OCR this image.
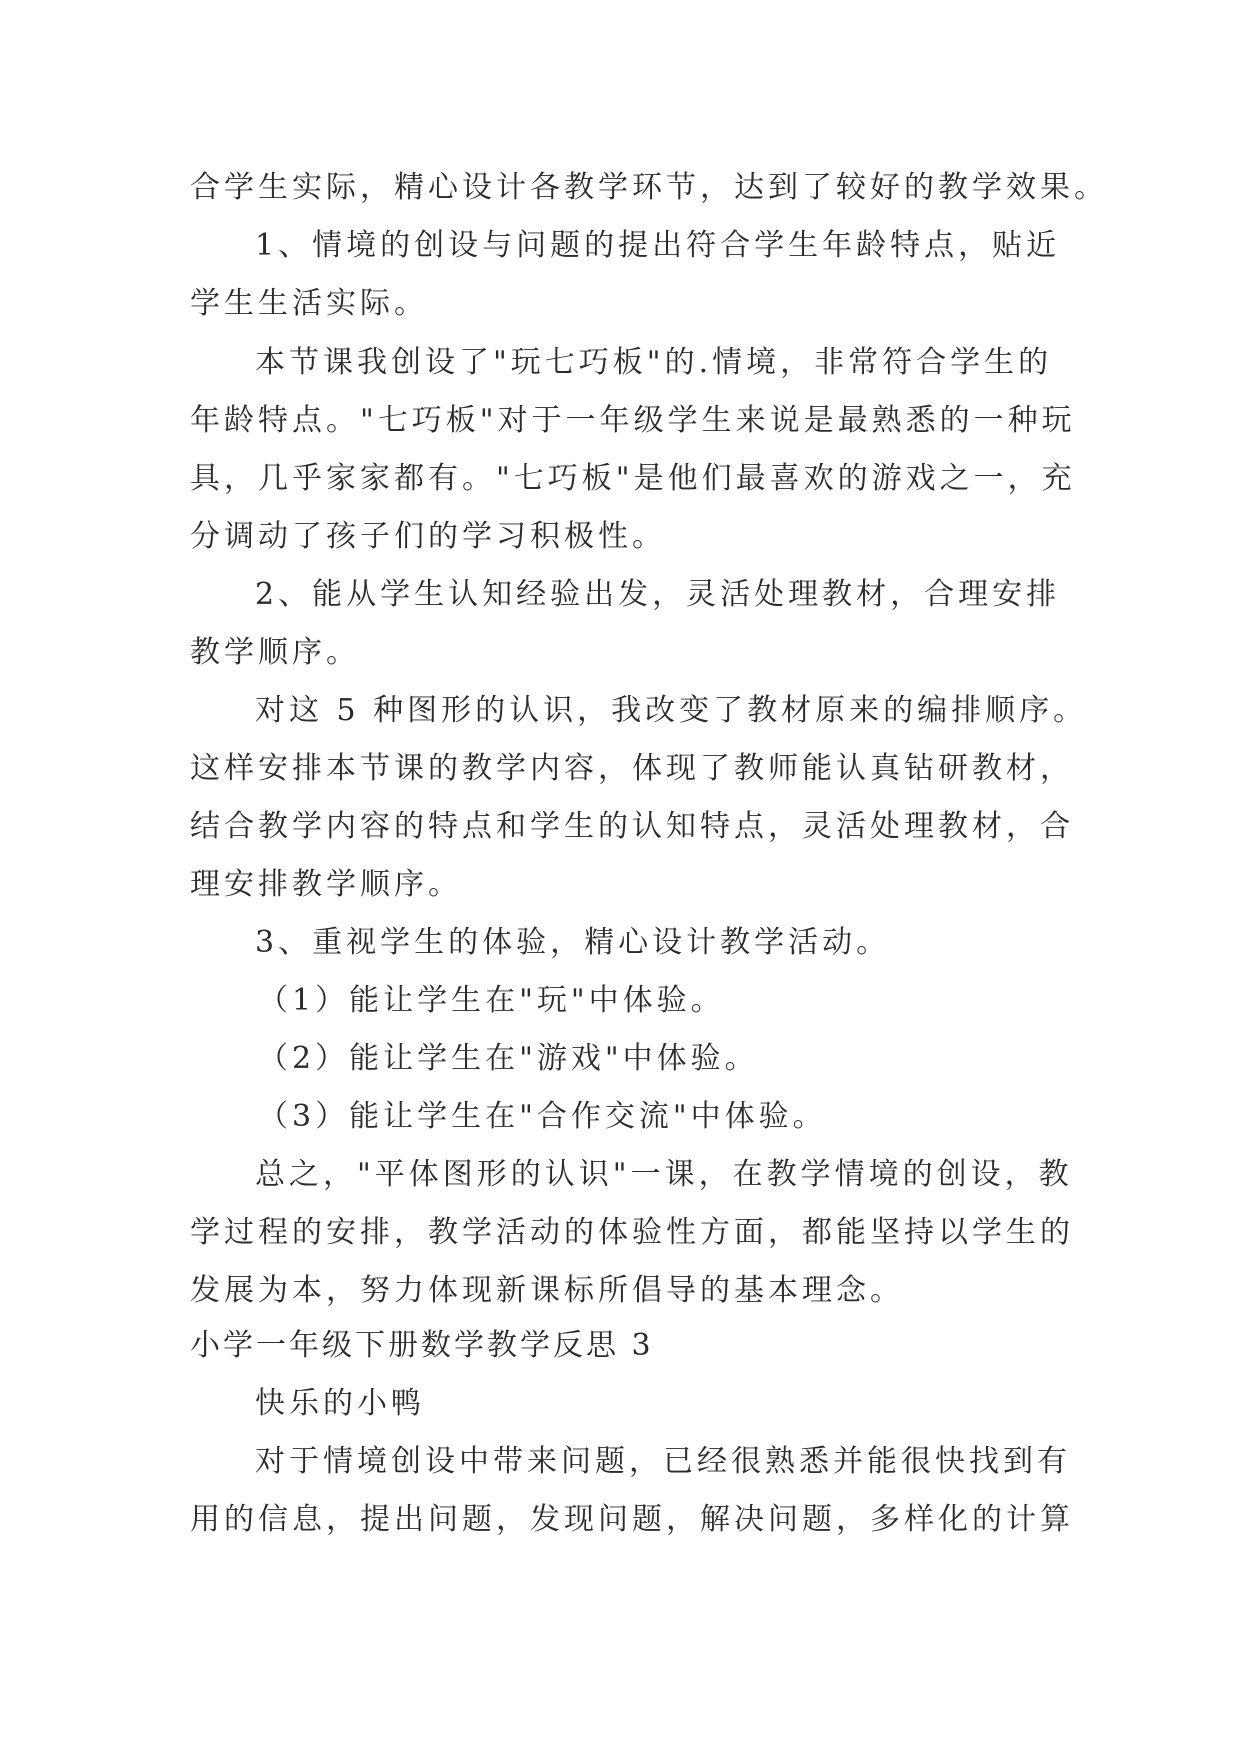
合学生实际，精心设计各教学环节，达到了较好的教学效果。
1、情境的创设与问题的提出符合学生年龄特点，贴近
学生生活实际。
本节课我创设了"玩七巧板"的.情境，非常符合学生的
年龄特点。"七巧板"对于一年级学生来说是最熟悉的一种玩
具，几乎家家都有。"七巧板"是他们最喜欢的游戏之一，充
分调动了孩子们的学习积极性。
2、能从学生认知经验出发，灵活处理教材，合理安排
教学顺序。
对这 5 种图形的认识，我改变了教材原来的编排顺序。
这样安排本节课的教学内容，体现了教师能认真钻研教材，
结合教学内容的特点和学生的认知特点，灵活处理教材，合
理安排教学顺序。
3、重视学生的体验，精心设计教学活动。
（1）能让学生在"玩"中体验。
（2）能让学生在"游戏"中体验。
（3）能让学生在"合作交流"中体验。
总之，"平体图形的认识"一课，在教学情境的创设，教
学过程的安排，教学活动的体验性方面，都能坚持以学生的
发展为本，努力体现新课标所倡导的基本理念。
小学一年级下册数学教学反思 3
快乐的小鸭
对于情境创设中带来问题，已经很熟悉并能很快找到有
用的信息，提出问题，发现问题，解决问题，多样化的计算
